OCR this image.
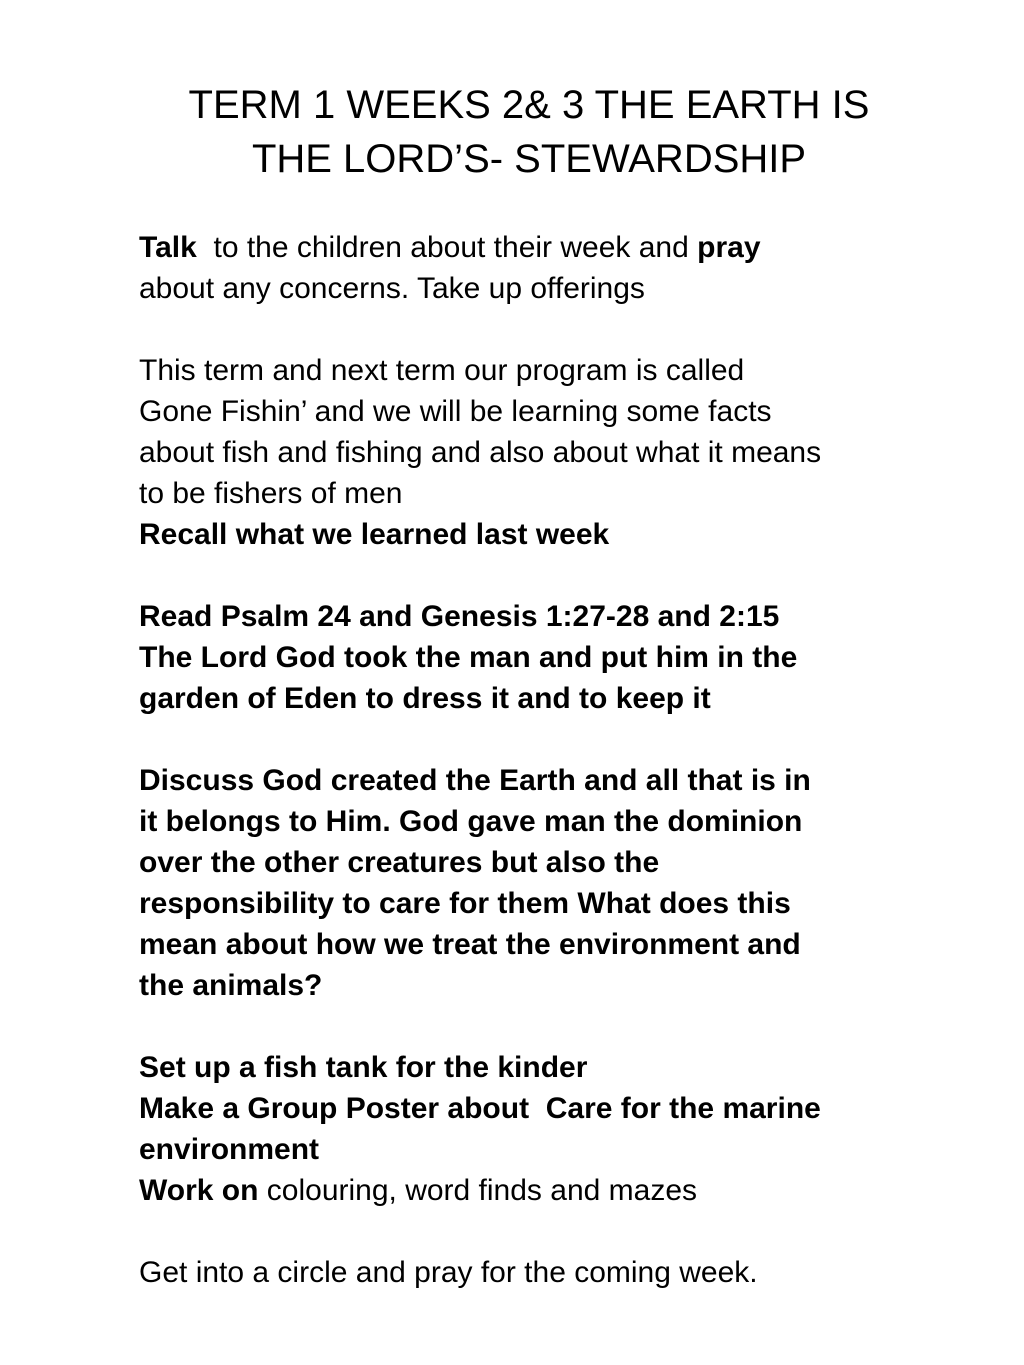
TERM 1 WEEKS 2& 3 THE EARTH IS
THE LORD’S- STEWARDSHIP
Talk  to the children about their week and pray
about any concerns. Take up offerings
This term and next term our program is called
Gone Fishin’ and we will be learning some facts
about fish and fishing and also about what it means
to be fishers of men
Recall what we learned last week
Read Psalm 24 and Genesis 1:27-28 and 2:15
The Lord God took the man and put him in the
garden of Eden to dress it and to keep it
Discuss God created the Earth and all that is in
it belongs to Him. God gave man the dominion
over the other creatures but also the
responsibility to care for them What does this
mean about how we treat the environment and
the animals?
Set up a fish tank for the kinder
Make a Group Poster about  Care for the marine
environment
Work on colouring, word finds and mazes
Get into a circle and pray for the coming week.
